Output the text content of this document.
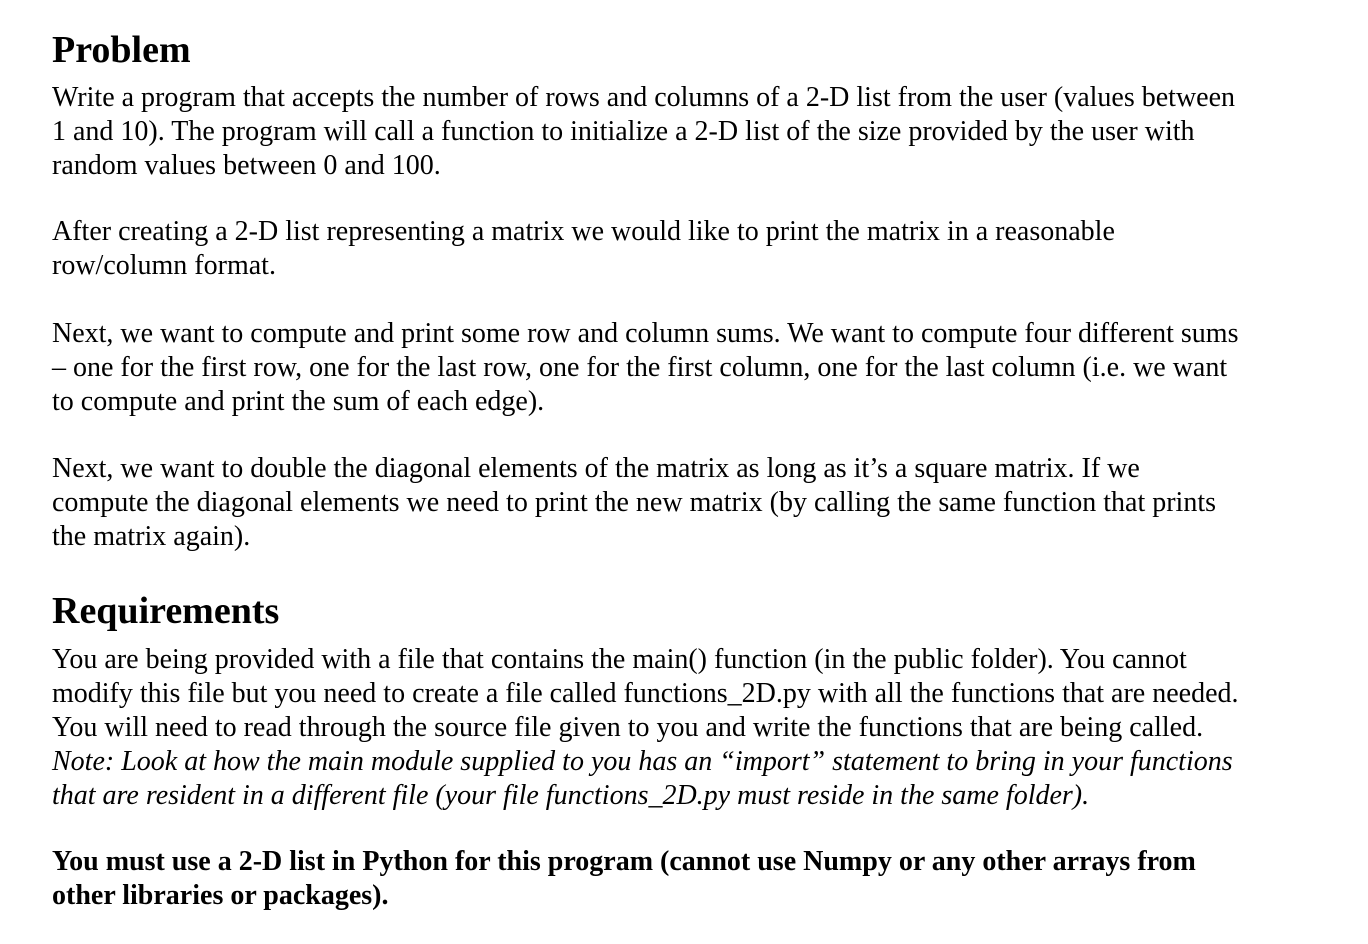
Problem

Write a program that accepts the number of rows and columns of a 2-D list from the user (values between
1 and 10). The program will call a function to initialize a 2-D list of the size provided by the user with
random values between 0 and 100.

After creating a 2-D list representing a matrix we would like to print the matrix in a reasonable
row/column format.

Next, we want to compute and print some row and column sums. We want to compute four different sums
– one for the first row, one for the last row, one for the first column, one for the last column (i.e. we want
to compute and print the sum of each edge).

Next, we want to double the diagonal elements of the matrix as long as it’s a square matrix. If we
compute the diagonal elements we need to print the new matrix (by calling the same function that prints
the matrix again).

Requirements

You are being provided with a file that contains the main() function (in the public folder). You cannot
modify this file but you need to create a file called functions_2D.py with all the functions that are needed.
You will need to read through the source file given to you and write the functions that are being called.
Note: Look at how the main module supplied to you has an “import” statement to bring in your functions
that are resident in a different file (your file functions_2D.py must reside in the same folder).

You must use a 2-D list in Python for this program (cannot use Numpy or any other arrays from
other libraries or packages).
